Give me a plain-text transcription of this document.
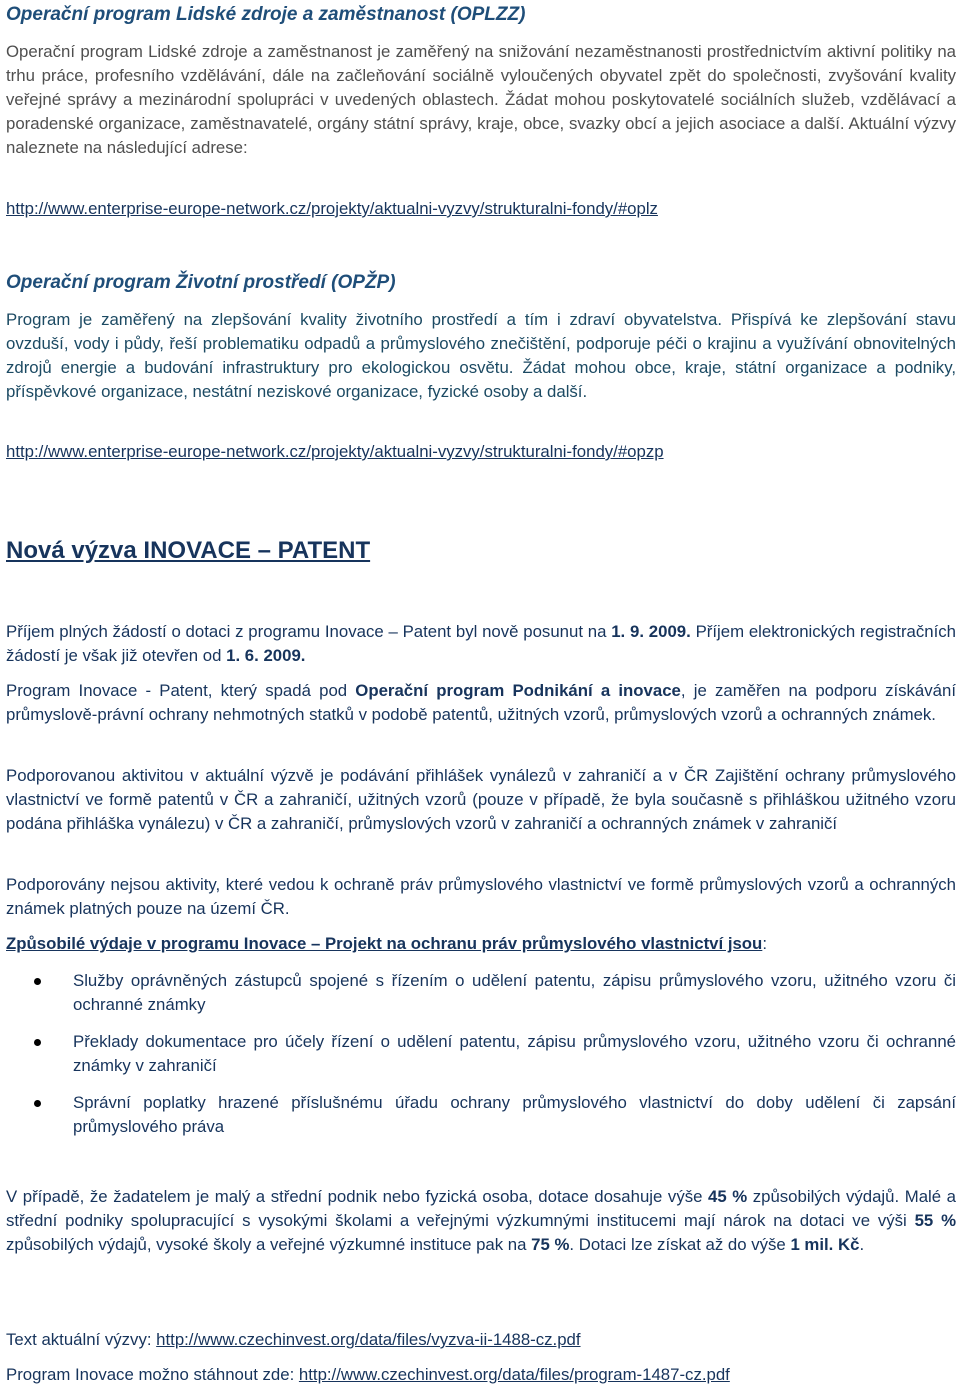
Operační program Lidské zdroje a zaměstnanost (OPLZZ)

Operační program Lidské zdroje a zaměstnanost je zaměřený na snižování nezaměstnanosti prostřednictvím aktivní politiky na trhu práce, profesního vzdělávání, dále na začleňování sociálně vyloučených obyvatel zpět do společnosti, zvyšování kvality veřejné správy a mezinárodní spolupráci v uvedených oblastech. Žádat mohou poskytovatelé sociálních služeb, vzdělávací a poradenské organizace, zaměstnavatelé, orgány státní správy, kraje, obce, svazky obcí a jejich asociace a další. Aktuální výzvy naleznete na následující adrese:

http://www.enterprise-europe-network.cz/projekty/aktualni-vyzvy/strukturalni-fondy/#oplz

Operační program Životní prostředí (OPŽP)

Program je zaměřený na zlepšování kvality životního prostředí a tím i zdraví obyvatelstva. Přispívá ke zlepšování stavu ovzduší, vody i půdy, řeší problematiku odpadů a průmyslového znečištění, podporuje péči o krajinu a využívání obnovitelných zdrojů energie a budování infrastruktury pro ekologickou osvětu. Žádat mohou obce, kraje, státní organizace a podniky, příspěvkové organizace, nestátní neziskové organizace, fyzické osoby a další.

http://www.enterprise-europe-network.cz/projekty/aktualni-vyzvy/strukturalni-fondy/#opzp

Nová výzva INOVACE – PATENT

Příjem plných žádostí o dotaci z programu Inovace – Patent byl nově posunut na 1. 9. 2009. Příjem elektronických registračních žádostí je však již otevřen od 1. 6. 2009.

Program Inovace - Patent, který spadá pod Operační program Podnikání a inovace, je zaměřen na podporu získávání průmyslově-právní ochrany nehmotných statků v podobě patentů, užitných vzorů, průmyslových vzorů a ochranných známek.

Podporovanou aktivitou v aktuální výzvě je podávání přihlášek vynálezů v zahraničí a v ČR Zajištění ochrany průmyslového vlastnictví ve formě patentů v ČR a zahraničí, užitných vzorů (pouze v případě, že byla současně s přihláškou užitného vzoru podána přihláška vynálezu) v ČR a zahraničí, průmyslových vzorů v zahraničí a ochranných známek v zahraničí

Podporovány nejsou aktivity, které vedou k ochraně práv průmyslového vlastnictví ve formě průmyslových vzorů a ochranných známek platných pouze na území ČR.

Způsobilé výdaje v programu Inovace – Projekt na ochranu práv průmyslového vlastnictví jsou:

Služby oprávněných zástupců spojené s řízením o udělení patentu, zápisu průmyslového vzoru, užitného vzoru či ochranné známky
Překlady dokumentace pro účely řízení o udělení patentu, zápisu průmyslového vzoru, užitného vzoru či ochranné známky v zahraničí
Správní poplatky hrazené příslušnému úřadu ochrany průmyslového vlastnictví do doby udělení či zapsání průmyslového práva

V případě, že žadatelem je malý a střední podnik nebo fyzická osoba, dotace dosahuje výše 45 % způsobilých výdajů. Malé a střední podniky spolupracující s vysokými školami a veřejnými výzkumnými institucemi mají nárok na dotaci ve výši 55 % způsobilých výdajů, vysoké školy a veřejné výzkumné instituce pak na 75 %. Dotaci lze získat až do výše 1 mil. Kč.

Text aktuální výzvy: http://www.czechinvest.org/data/files/vyzva-ii-1488-cz.pdf

Program Inovace možno stáhnout zde: http://www.czechinvest.org/data/files/program-1487-cz.pdf
